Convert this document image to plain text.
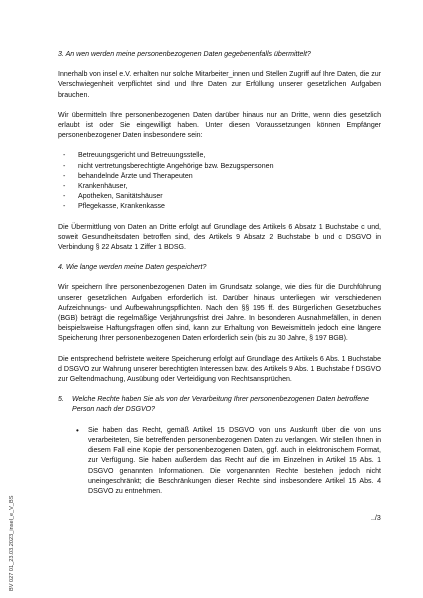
3. An wen werden meine personenbezogenen Daten gegebenenfalls übermittelt?

Innerhalb von insel e.V. erhalten nur solche Mitarbeiter_innen und Stellen Zugriff auf Ihre Daten, die zur Verschwiegenheit verpflichtet sind und Ihre Daten zur Erfüllung unserer gesetzlichen Aufgaben brauchen.

Wir übermitteln Ihre personenbezogenen Daten darüber hinaus nur an Dritte, wenn dies gesetzlich erlaubt ist oder Sie eingewilligt haben. Unter diesen Voraussetzungen können Empfänger personenbezogener Daten insbesondere sein:

- Betreuungsgericht und Betreuungsstelle,
- nicht vertretungsberechtigte Angehörige bzw. Bezugspersonen
- behandelnde Ärzte und Therapeuten
- Krankenhäuser,
- Apotheken, Sanitätshäuser
- Pflegekasse, Krankenkasse

Die Übermittlung von Daten an Dritte erfolgt auf Grundlage des Artikels 6 Absatz 1 Buchstabe c und, soweit Gesundheitsdaten betroffen sind, des Artikels 9 Absatz 2 Buchstabe b und c DSGVO in Verbindung § 22 Absatz 1 Ziffer 1 BDSG.

4. Wie lange werden meine Daten gespeichert?

Wir speichern Ihre personenbezogenen Daten im Grundsatz solange, wie dies für die Durchführung unserer gesetzlichen Aufgaben erforderlich ist. Darüber hinaus unterliegen wir verschiedenen Aufzeichnungs- und Aufbewahrungspflichten. Nach den §§ 195 ff. des Bürgerlichen Gesetzbuches (BGB) beträgt die regelmäßige Verjährungsfrist drei Jahre. In besonderen Ausnahmefällen, in denen beispielsweise Haftungsfragen offen sind, kann zur Erhaltung von Beweismitteln jedoch eine längere Speicherung Ihrer personenbezogenen Daten erforderlich sein (bis zu 30 Jahre, § 197 BGB).

Die entsprechend befristete weitere Speicherung erfolgt auf Grundlage des Artikels 6 Abs. 1 Buchstabe d DSGVO zur Wahrung unserer berechtigten Interessen bzw. des Artikels 9 Abs. 1 Buchstabe f DSGVO zur Geltendmachung, Ausübung oder Verteidigung von Rechtsansprüchen.

5. Welche Rechte haben Sie als von der Verarbeitung Ihrer personenbezogenen Daten betroffene Person nach der DSGVO?
• Sie haben das Recht, gemäß Artikel 15 DSGVO von uns Auskunft über die von uns verarbeiteten, Sie betreffenden personenbezogenen Daten zu verlangen. Wir stellen Ihnen in diesem Fall eine Kopie der personenbezogenen Daten, ggf. auch in elektronischem Format, zur Verfügung. Sie haben außerdem das Recht auf die im Einzelnen in Artikel 15 Abs. 1 DSGVO genannten Informationen. Die vorgenannten Rechte bestehen jedoch nicht uneingeschränkt; die Beschränkungen dieser Rechte sind insbesondere Artikel 15 Abs. 4 DSGVO zu entnehmen.
../3
BV 027 01_23.03.2023_insel_e_V_BS
